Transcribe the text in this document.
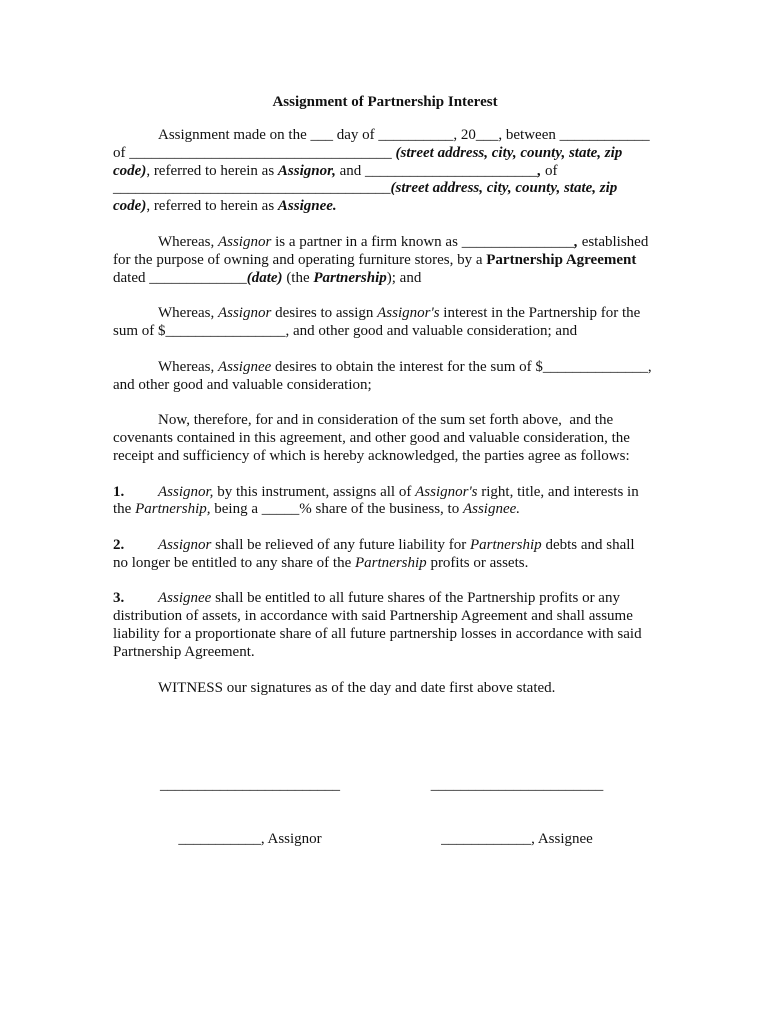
Assignment of Partnership Interest
Assignment made on the ___ day of __________, 20___, between ____________
of ___________________________________ (street address, city, county, state, zip
code), referred to herein as Assignor, and _______________________, of
_____________________________________(street address, city, county, state, zip
code), referred to herein as Assignee.
Whereas, Assignor is a partner in a firm known as _______________, established
for the purpose of owning and operating furniture stores, by a Partnership Agreement
dated _____________(date) (the Partnership); and
Whereas, Assignor desires to assign Assignor's interest in the Partnership for the
sum of $________________, and other good and valuable consideration; and
Whereas, Assignee desires to obtain the interest for the sum of $______________,
and other good and valuable consideration;
Now, therefore, for and in consideration of the sum set forth above,  and the
covenants contained in this agreement, and other good and valuable consideration, the
receipt and sufficiency of which is hereby acknowledged, the parties agree as follows:
1. Assignor, by this instrument, assigns all of Assignor's right, title, and interests in
the Partnership, being a _____% share of the business, to Assignee.
2. Assignor shall be relieved of any future liability for Partnership debts and shall
no longer be entitled to any share of the Partnership profits or assets.
3. Assignee shall be entitled to all future shares of the Partnership profits or any
distribution of assets, in accordance with said Partnership Agreement and shall assume
liability for a proportionate share of all future partnership losses in accordance with said
Partnership Agreement.
WITNESS our signatures as of the day and date first above stated.

________________________

___________, Assignor

_______________________

____________, Assignee
